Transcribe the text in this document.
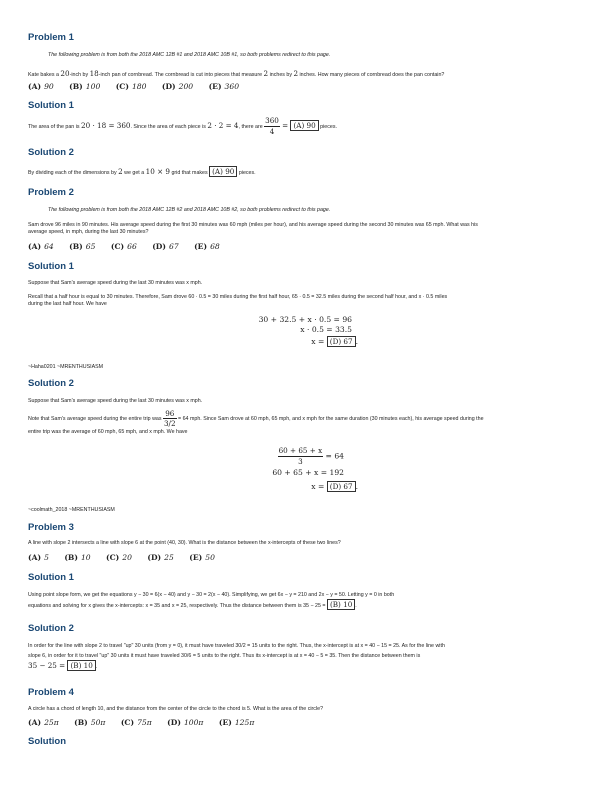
Problem 1

The following problem is from both the 2018 AMC 12B #1 and 2018 AMC 10B #1, so both problems redirect to this page.

Kate bakes a 20-inch by 18-inch pan of cornbread. The cornbread is cut into pieces that measure 2 inches by 2 inches. How many pieces of cornbread does the pan contain?

(A) 90 (B) 100 (C) 180 (D) 200 (E) 360

Solution 1

The area of the pan is 20 · 18 = 360. Since the area of each piece is 2 · 2 = 4, there are $\frac{360}{4} = (A)$ 90 pieces.

Solution 2

By dividing each of the dimensions by 2 we get a 10 × 9 grid that makes (A) 90 pieces.

Problem 2

The following problem is from both the 2018 AMC 12B #2 and 2018 AMC 10B #2, so both problems redirect to this page.

Sam drove 96 miles in 90 minutes. His average speed during the first 30 minutes was 60 mph (miles per hour), and his average speed during the second 30 minutes was 65 mph. What was his
average speed, in mph, during the last 30 minutes?

(A) 64 (B) 65 (C) 66 (D) 67 (E) 68

Solution 1

Suppose that Sam's average speed during the last 30 minutes was x mph.

Recall that a half hour is equal to 30 minutes. Therefore, Sam drove 60 · 0.5 = 30 miles during the first half hour, 65 · 0.5 = 32.5 miles during the second half hour, and x · 0.5 miles
during the last half hour. We have

30 + 32.5 + x · 0.5 = 96
x · 0.5 = 33.5
x = (D) 67 .

~Haha0201 ~MRENTHUSIASM

Solution 2

Suppose that Sam's average speed during the last 30 minutes was x mph.

Note that Sam's average speed during the entire trip was $\frac{96}{3/2} = 64$ mph. Since Sam drove at 60 mph, 65 mph, and x mph for the same duration (30 minutes each), his average speed during the
entire trip was the average of 60 mph, 65 mph, and x mph. We have

$\frac{60 + 65 + x}{3} = 64$
60 + 65 + x = 192
x = (D) 67 .

~coolmath_2018 ~MRENTHUSIASM

Problem 3

A line with slope 2 intersects a line with slope 6 at the point (40, 30). What is the distance between the x-intercepts of these two lines?

(A) 5 (B) 10 (C) 20 (D) 25 (E) 50

Solution 1

Using point slope form, we get the equations y − 30 = 6(x − 40) and y − 30 = 2(x − 40). Simplifying, we get 6x − y = 210 and 2x − y = 50. Letting y = 0 in both
equations and solving for x gives the x-intercepts: x = 35 and x = 25, respectively. Thus the distance between them is 35 − 25 = (B) 10 .

Solution 2

In order for the line with slope 2 to travel "up" 30 units (from y = 0), it must have traveled 30/2 = 15 units to the right. Thus, the x-intercept is at x = 40 − 15 = 25. As for the line with
slope 6, in order for it to travel "up" 30 units it must have traveled 30/6 = 5 units to the right. Thus its x-intercept is at x = 40 − 5 = 35. Then the distance between them is
35 − 25 = (B) 10 .

Problem 4

A circle has a chord of length 10, and the distance from the center of the circle to the chord is 5. What is the area of the circle?

(A) 25π (B) 50π (C) 75π (D) 100π (E) 125π

Solution
